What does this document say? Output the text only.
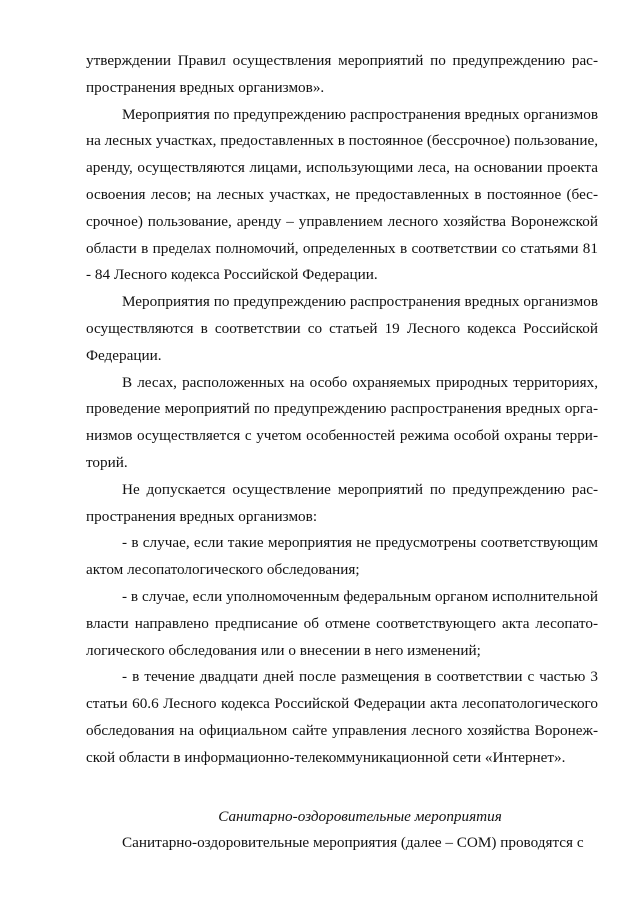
утверждении Правил осуществления мероприятий по предупреждению распространения вредных организмов».

Мероприятия по предупреждению распространения вредных организмов на лесных участках, предоставленных в постоянное (бессрочное) пользование, аренду, осуществляются лицами, использующими леса, на основании проекта освоения лесов; на лесных участках, не предоставленных в постоянное (бессрочное) пользование, аренду – управлением лесного хозяйства Воронежской области в пределах полномочий, определенных в соответствии со статьями 81 - 84 Лесного кодекса Российской Федерации.

Мероприятия по предупреждению распространения вредных организмов осуществляются в соответствии со статьей 19 Лесного кодекса Российской Федерации.

В лесах, расположенных на особо охраняемых природных территориях, проведение мероприятий по предупреждению распространения вредных организмов осуществляется с учетом особенностей режима особой охраны территорий.

Не допускается осуществление мероприятий по предупреждению распространения вредных организмов:

- в случае, если такие мероприятия не предусмотрены соответствующим актом лесопатологического обследования;

- в случае, если уполномоченным федеральным органом исполнительной власти направлено предписание об отмене соответствующего акта лесопатологического обследования или о внесении в него изменений;

- в течение двадцати дней после размещения в соответствии с частью 3 статьи 60.6 Лесного кодекса Российской Федерации акта лесопатологического обследования на официальном сайте управления лесного хозяйства Воронежской области в информационно-телекоммуникационной сети «Интернет».

Санитарно-оздоровительные мероприятия

Санитарно-оздоровительные мероприятия (далее – СОМ) проводятся с
